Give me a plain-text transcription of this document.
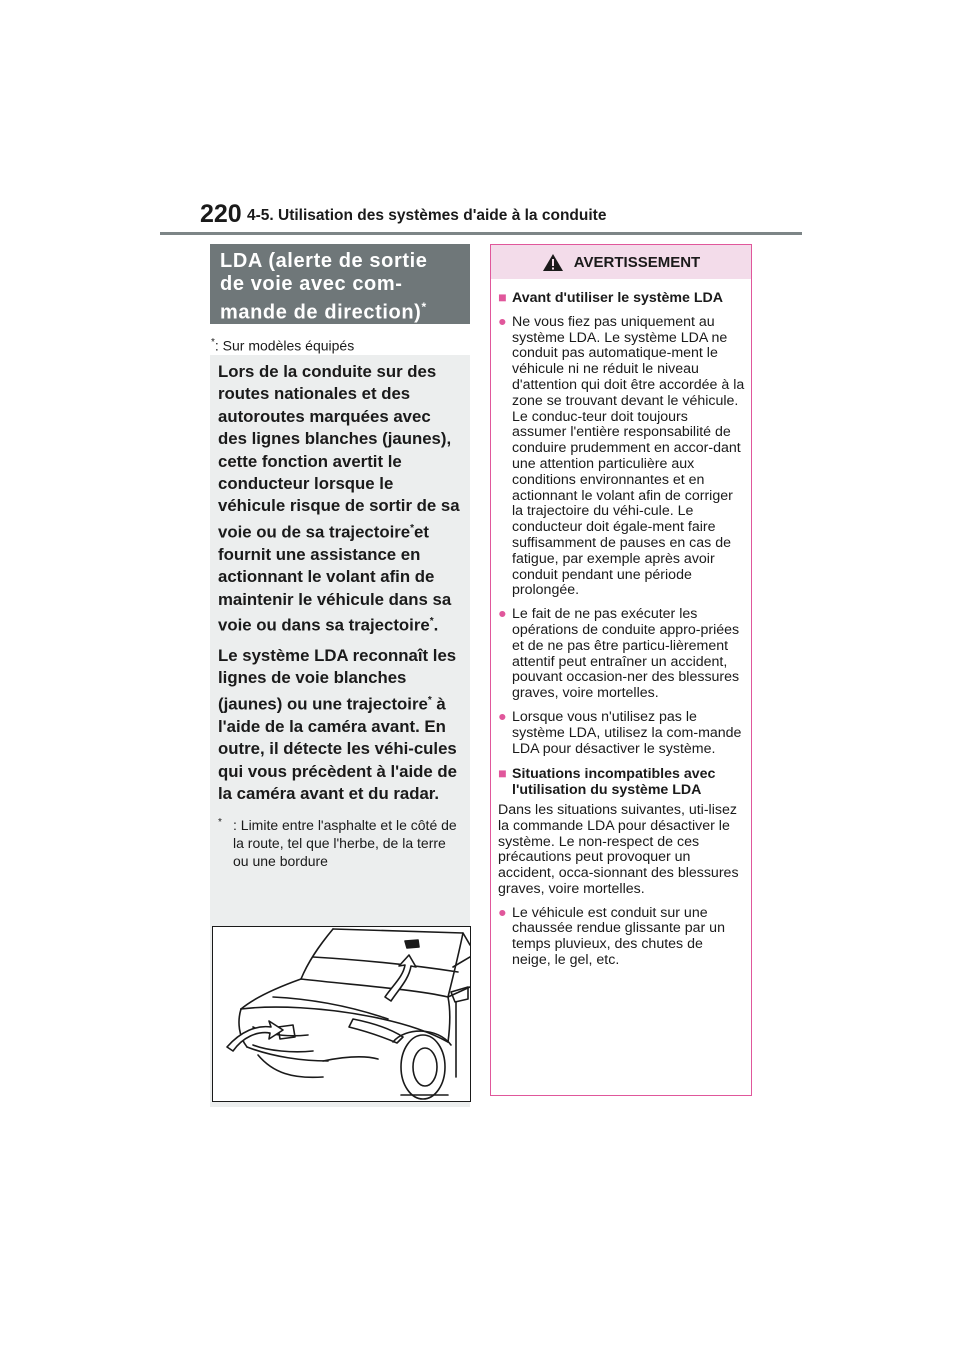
220 4-5. Utilisation des systèmes d'aide à la conduite
LDA (alerte de sortie
de voie avec com-
mande de direction)*
*: Sur modèles équipés

Lors de la conduite sur des routes nationales et des autoroutes marquées avec des lignes blanches (jaunes), cette fonction avertit le conducteur lorsque le véhicule risque de sortir de sa voie ou de sa trajectoire*et fournit une assistance en actionnant le volant afin de maintenir le véhicule dans sa voie ou dans sa trajectoire*.

Le système LDA reconnaît les lignes de voie blanches (jaunes) ou une trajectoire* à l'aide de la caméra avant. En outre, il détecte les véhi-cules qui vous précèdent à l'aide de la caméra avant et du radar.

* : Limite entre l'asphalte et le côté de la route, tel que l'herbe, de la terre ou une bordure
AVERTISSEMENT
■ Avant d'utiliser le système LDA
● Ne vous fiez pas uniquement au système LDA. Le système LDA ne conduit pas automatique-ment le véhicule ni ne réduit le niveau d'attention qui doit être accordée à la zone se trouvant devant le véhicule. Le conduc-teur doit toujours assumer l'entière responsabilité de conduire prudemment en accor-dant une attention particulière aux conditions environnantes et en actionnant le volant afin de corriger la trajectoire du véhi-cule. Le conducteur doit égale-ment faire suffisamment de pauses en cas de fatigue, par exemple après avoir conduit pendant une période prolongée.
● Le fait de ne pas exécuter les opérations de conduite appro-priées et de ne pas être particu-lièrement attentif peut entraîner un accident, pouvant occasion-ner des blessures graves, voire mortelles.
● Lorsque vous n'utilisez pas le système LDA, utilisez la com-mande LDA pour désactiver le système.
■ Situations incompatibles avec l'utilisation du système LDA
Dans les situations suivantes, uti-lisez la commande LDA pour désactiver le système. Le non-respect de ces précautions peut provoquer un accident, occa-sionnant des blessures graves, voire mortelles.
● Le véhicule est conduit sur une chaussée rendue glissante par un temps pluvieux, des chutes de neige, le gel, etc.
